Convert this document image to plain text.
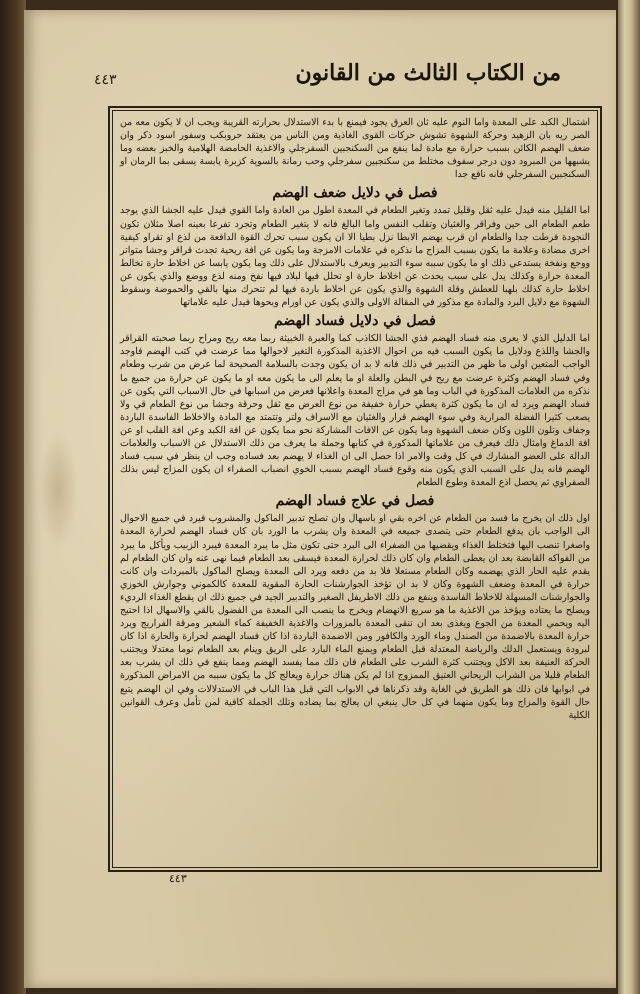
من الكتاب الثالث من القانون
٤٤٣

اشتمال الكبد على المعدة واما النوم عليه ثان العرق يجود فيمنع با بدء الاستدلال بحرارته القريبة ويجب ان لا يكون معه من الصر ريه بان الزهيد وحركة الشهوة تشوش حركات القوى الغاذية ومن الناس من يعتقد حروبكب وسفور اسود ذكر وان ضعف الهضم الكائن بسبب حرارة مع مادة لما ينفع من السكنجبين السفرجلي والاغذية الحامضة الهلامية والخبز بعضه وما يشبهها من المبرود دون درجر سفوف مختلط من سكنجبين سفرجلي وحب رمانة بالسوية كزبرة يابسة يسقى بما الرمان او السكنجبين السفرجلي فانه نافع جدا

فصل في دلايل ضعف الهضم

اما القليل منه فيدل عليه ثقل وقليل تمدد وتغير الطعام في المعدة اطول من العادة واما القوي فيدل عليه الجشا الذي يوجد طعم الطعام الى حين وفراقر والغثيان وتقلب النفس واما البالغ فانه لا يتغير الطعام وتجرد تفرعا بعينه اصلا مثلان تكون النجودة فرطت جدا والطعام ان قرب بهضم الابطا نزل بطيا الا ان يكون سبب تحرك القوة الدافعة من لذع او تقراو كيفية اخرى مضادة وعلامة ما يكون بسبب المزاج ما نذكره في علامات الامزجة وما يكون عن افة ريحية تجدث قراقر وجشا متواتر ووجع ونفخة يستدعي ذلك او ما يكون سببه سوء التدبير ويعرف بالاستدلال على ذلك وما يكون يابسا عن اخلاط حارة تخالط المعدة حرارة وكذلك يدل على سبب يحدث عن اخلاط حارة او تحلل فيها لبلاد فيها نفخ ومنه لذع ووضع والذي يكون عن اخلاط حارة كذلك بلهبا للعطش وقلة الشهوة والذي يكون عن اخلاط باردة فيها لم تتحرك منها بالقي والحموضة وسقوط الشهوة مع دلايل البرد والمادة مع مذكور في المقالة الاولى والذي يكون عن اورام وبحوها فيدل عليه علاماتها

فصل في دلايل فساد الهضم

اما الدليل الذي لا يعرى منه فساد الهضم فذي الجشا الكاذب كما والعبرة الخبيثة ربما معه ريح ومراح ربما صحبته القراقر والجشا واللذع ودلايل ما يكون السبب فيه من احوال الاغذية المذكورة التغير لاحوالها مما عرضت في كتب الهضم فاوجد الواجب المتعين اولى ما ظهر من التدبير في ذلك فانه لا بد ان يكون وجدت بالسلامة الصحيحة لما عرض من شرب وطعام وفي فساد الهضم وكثرة عرضت مع ريح في البطن والعلة او ما يعلم الى ما يكون معه او ما يكون عن حرارة من جميع ما نذكره من العلامات المذكورة في الباب وما هو في مزاج المعدة واعلانها فعرض من اسبابها في حال الاسباب التي يكون عن فساد الهضم ويرد له ان ما يكون كثرة يعطي حرارة خفيفة من نوع العرض مع ثقل وحرقة وجشا من نوع الطعام قي ولا يصعب كثيرا الفضلة المرارية وفي سوء الهضم قرار والغثيان مع الاسراف ولتر وتتمتد مع المادة والاخلاط الفاسدة الباردة وجفاف وتلون اللون وكان ضعف الشهوة وما يكون عن الافات المشاركة نحو مما يكون عن افة الكبد وعن افة القلب او عن افة الدماغ وامثال ذلك فيعرف من علاماتها المذكورة في كتابها وجملة ما يعرف من ذلك الاستدلال عن الاسباب والعلامات الدالة على العضو المشارك في كل وقت والامر اذا حصل الى ان الغذاء لا يهضم بعد فساده وجب ان ينظر في سبب فساد الهضم فانه يدل على السبب الذي يكون منه وقوع فساد الهضم بسبب الخوي انضباب الصفراء ان يكون المزاج ليس بذلك الصفراوي ثم يحصل اذع المعدة وطوع الطعام

فصل في علاج فساد الهضم

اول ذلك ان يخرج ما فسد من الطعام عن اخره بقي او باسهال وان تصلح تدبير الماكول والمشروب فيرد في جميع الاحوال الى الواجب بان يدفع الطعام حتى يتصدى جميعه في المعدة وان يشرب ما الورد بان كان فساد الهضم لحرارة المعدة واصغرا تنصب اليها فتختلط الغذاء ويقضيها من الصفراء الى البرد حتى تكون مثل ما يبرد المعدة فيبرد الزبيب ويأكل ما يبرد من الفواكه القابضة بعد ان يعطى الطعام وان كان ذلك لحرارة المعدة فيسقى بعد الطعام فيما نهى عنه وان كان الطعام لم يقدم عليه الحار الذي يهضمه وكان الطعام مستعلا فلا بد من دفعه ويرد الى المعدة ويصلح الماكول بالمبردات وان كانت حرارة في المعدة وضعف الشهوة وكان لا بد ان تؤخذ الجوارشنات الحارة المقوية للمعدة كالكموني وجوارش الخوزي والجوارشنات المسهلة للاخلاط الفاسدة وينفع من ذلك الاطريفل الصغير والتدبير الجيد في جميع ذلك ان يقطع الغذاء الرديء ويصلح ما يعتاده ويؤخذ من الاغذية ما هو سريع الانهضام ويخرج ما ينصب الى المعدة من الفضول بالقي والاسهال اذا احتيج اليه ويحمي المعدة من الجوع ويغذى بعد ان تنقى المعدة بالمزورات والاغذية الخفيفة كماء الشعير ومرقة الفراريج ويرد حرارة المعدة بالاضمدة من الصندل وماء الورد والكافور ومن الاضمدة الباردة اذا كان فساد الهضم لحرارة والحارة اذا كان لبرودة ويستعمل الدلك والرياضة المعتدلة قبل الطعام ويمنع الماء البارد على الريق وينام بعد الطعام نوما معتدلا ويجتنب الحركة العنيفة بعد الاكل ويجتنب كثرة الشرب على الطعام فان ذلك مما يفسد الهضم ومما ينفع في ذلك ان يشرب بعد الطعام قليلا من الشراب الريحاني العتيق الممزوج اذا لم يكن هناك حرارة ويعالج كل ما يكون سببه من الامراض المذكورة في ابوابها فان ذلك هو الطريق في الغاية وقد ذكرناها في الابواب التي قبل هذا الباب في الاستدلالات وفي ان الهضم يتبع حال القوة والمزاج وما يكون منهما في كل حال ينبغي ان يعالج بما يضاده وتلك الجملة كافية لمن تأمل وعرف القوانين الكلية

٤٤٣
